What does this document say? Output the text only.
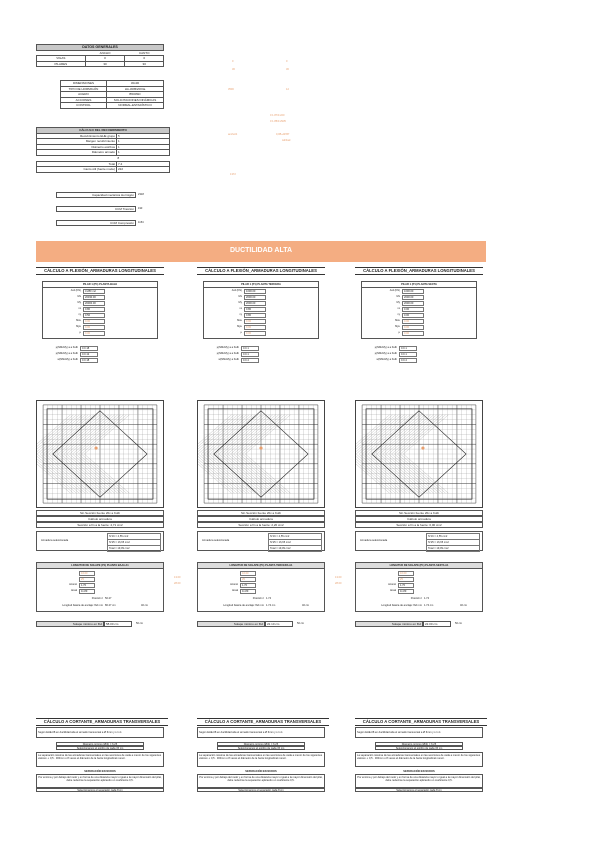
DATOS GENERALES		
	ANCHO	CANTO
VIGAS	0	0
PILARES	30	30
0	0
30	30
DIMENSIONES	30x30
TIPO DE HORMIGÓN	HA-30/B/20/IIIa
ACERO	B500SD
ACCIONES	SOLICITACIONES DINÁMICAS
CONTROL	NORMAL-ESTADÍSTICO
3500	12
0 1.87/0.220
0 1.85/0.2935
CÁLCULO DEL RECUBRIMIENTO	
Recubrimiento EHE grupo	5
Margen recubrimiento	1
Diámetro estribos	1
Diámetro armado	1
	8
Total	7.4
Canto útil (fuerte mode)	222
ancho/b	0,0B+/Ø B'f
Ad/Fad
1372
Capacidad mecánica Hormigón	2318
CCM Traccion	193
CCM Compresión	1154
DUCTILIDAD ALTA
CÁLCULO A FLEXIÓN_ARMADURAS LONGITUDINALES
PILAR 1 (P1) PLANTA BAJA
Axil (KN)	3.280 m2
Mx	20030.00
My	20000.00
vx	0.80
vy	0.50
Mxu	0.00
Myu	0.00
µ	0.00
µ(NMxMy) a a Kulb	0.0.18
µ(NMxMy) a a Kulb	0.0.12
w(NMxMy) a Kulb	0.0.18
Sin Sección fuente 20x a Kulb
Cálculo armadura
Sección a fin a la fuerte: 4,71 cm2
Armadura seleccionada
Nº16 = 4,55 cm2
Nº25 = 16,65 cm2
Total = 19,09 cm2
LONGITUD DE SOLAPE (P1) PLANTA BAJA A1
16.00
25
Aconst	1.70
Areal	11.89
Posición I 50.27
Longitud básica de anclaje: fbd mm 80.27 cm	40 cm
13.00
28.00
Solape mínimo en fbd	58.00 cm	50 cm
CÁLCULO A FLEXIÓN_ARMADURAS LONGITUDINALES
PILAR 1 (P1) PLANTA TERCERA
Axil (KN)	1000.00
Mx	2000.00
My	2000.00
vx	0.80
vy	0.80
Mxu	0.00
Myu	0.00
µ	0.00
µ(NMxMy) a a Kulb	0.0.1
µ(NMxMy) a a Kulb	0.0.1
w(NMxMy) a Kulb	0.0.4
Sin Sección fuente 20x a Kulb
Cálculo armadura
Sección a fin a la fuerte: 2,20 cm2
Armadura seleccionada
Nº16 = 4,55 cm2
Nº25 = 16,65 cm2
Total = 19,09 cm2
LONGITUD DE SOLAPE (P1) PLANTA TERCERA A1
16.00
25
Aconst	1.70
Areal	11.89
Posición I 1.74
Longitud básica de anclaje: fbd mm 1.74 cm	40 cm
13.00
28.00
Solape mínimo en fbd	22.10 cm	50 cm
CÁLCULO A FLEXIÓN_ARMADURAS LONGITUDINALES
PILAR 1 (P1) PLANTA SEXTA
Axil (KN)	1000.00
Mx	2000.00
My	2000.00
vx	0.00
vy	0.00
Mxu	0.00
Myu	0.00
µ	0.00
µ(NMxMy) a a Kulb	0.0.1
µ(NMxMy) a a Kulb	0.0.1
w(NMxMy) a Kulb	0.0.4
Sin Sección fuente 20x a Kulb
Cálculo armadura
Sección a fin a la fuerte: 0,00 cm2
Armadura seleccionada
Nº16 = 4,55 cm2
Nº25 = 16,65 cm2
Total = 19,09 cm2
LONGITUD DE SOLAPE (P1) PLANTA SEXTA A1
16.00
25
Aconst	1.70
Areal	11.89
Posición I 1.74
Longitud básica de anclaje: fbd mm 1.74 cm	40 cm
Solape mínimo en fbd	22.00 cm	50 cm
CÁLCULO A CORTANTE_ARMADURAS TRANSVERSALES
Según EHE-08 en ductilidad alta el armado transversal a Ø 6mm y s 1 /s
Diámetro mínimo (Ø/4) = 6,25
Seleccionamos el estribo de cada 15 cm
La separación máxima de las armaduras transversales en las secciones de cada a menor de los siguientes valores: ≤ 0,5 · 300mm o 8 veces el diámetro de la barra longitudinal menor.
SEPARACIÓN EN NUDOS
Por encima y por debajo del nudo y en forma de una distancia mayor o igual a la mayor dimensión del pilar, debe reducirse la separación aplicando un coeficiente 0,5.
Seleccionamos el separador cada 8 cm
CÁLCULO A CORTANTE_ARMADURAS TRANSVERSALES
Según EHE-08 en ductilidad alta el armado transversal a Ø 6mm y s 1 /s
Diámetro mínimo (Ø/4) = 6,25
Seleccionamos el estribo de cada 15 cm
La separación máxima de las armaduras transversales en las secciones de cada a menor de los siguientes valores: ≤ 0,5 · 300mm o 8 veces el diámetro de la barra longitudinal menor.
SEPARACIÓN EN NUDOS
Por encima y por debajo del nudo y en forma de una distancia mayor o igual a la mayor dimensión del pilar, debe reducirse la separación aplicando un coeficiente 0,5.
Seleccionamos el separador cada 8 cm
CÁLCULO A CORTANTE_ARMADURAS TRANSVERSALES
Según EHE-08 en ductilidad alta el armado transversal a Ø 6mm y s 1 /s
Diámetro mínimo (Ø/4) = 6,25
Seleccionamos el estribo de cada 15 cm
La separación máxima de las armaduras transversales en las secciones de cada a menor de los siguientes valores: ≤ 0,5 · 300mm o 8 veces el diámetro de la barra longitudinal menor.
SEPARACIÓN EN NUDOS
Por encima y por debajo del nudo y en forma de una distancia mayor o igual a la mayor dimensión del pilar, debe reducirse la separación aplicando un coeficiente 0,5.
Seleccionamos el separador cada 8 cm
